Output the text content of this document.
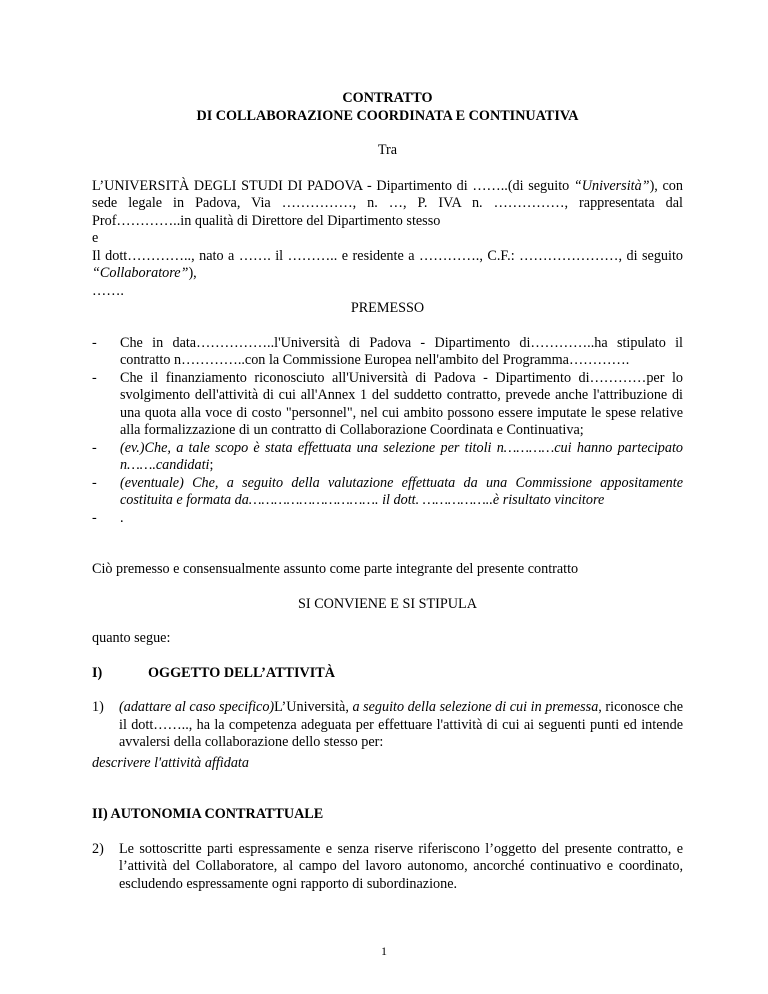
CONTRATTO

DI COLLABORAZIONE COORDINATA E CONTINUATIVA

Tra

L’UNIVERSITÀ DEGLI STUDI DI PADOVA - Dipartimento di ……..(di seguito “Università”), con sede legale in Padova, Via ……………, n. …, P. IVA n. ……………, rappresentata dal Prof…………..in qualità di Direttore del Dipartimento stesso

e

Il dott………….., nato a ……. il ……….. e residente a …………., C.F.: …………………, di seguito “Collaboratore”),

…….

PREMESSO

- Che in data……………..l'Università di Padova - Dipartimento di…………..ha stipulato il contratto n…………..con la Commissione Europea nell'ambito del Programma………….
- Che il finanziamento riconosciuto all'Università di Padova - Dipartimento di…………per lo svolgimento dell'attività di cui all'Annex 1 del suddetto contratto, prevede anche l'attribuzione di una quota alla voce di costo "personnel", nel cui ambito possono essere imputate le spese relative alla formalizzazione di un contratto di Collaborazione Coordinata e Continuativa;
- (ev.)Che, a tale scopo è stata effettuata una selezione per titoli n…………cui hanno partecipato n…….candidati;
- (eventuale) Che, a seguito della valutazione effettuata da una Commissione appositamente costituita e formata da…………………………. il dott. ……………..è risultato vincitore
- .

Ciò premesso e consensualmente assunto come parte integrante del presente contratto

SI CONVIENE E SI STIPULA

quanto segue:

I)	OGGETTO DELL’ATTIVITÀ
1) (adattare al caso specifico)L’Università, a seguito della selezione di cui in premessa, riconosce che il dott…….., ha la competenza adeguata per effettuare l'attività di cui ai seguenti punti ed intende avvalersi della collaborazione dello stesso per:

descrivere l'attività affidata

II) AUTONOMIA CONTRATTUALE

2) Le sottoscritte parti espressamente e senza riserve riferiscono l’oggetto del presente contratto, e l’attività del Collaboratore, al campo del lavoro autonomo, ancorché continuativo e coordinato, escludendo espressamente ogni rapporto di subordinazione.
1
